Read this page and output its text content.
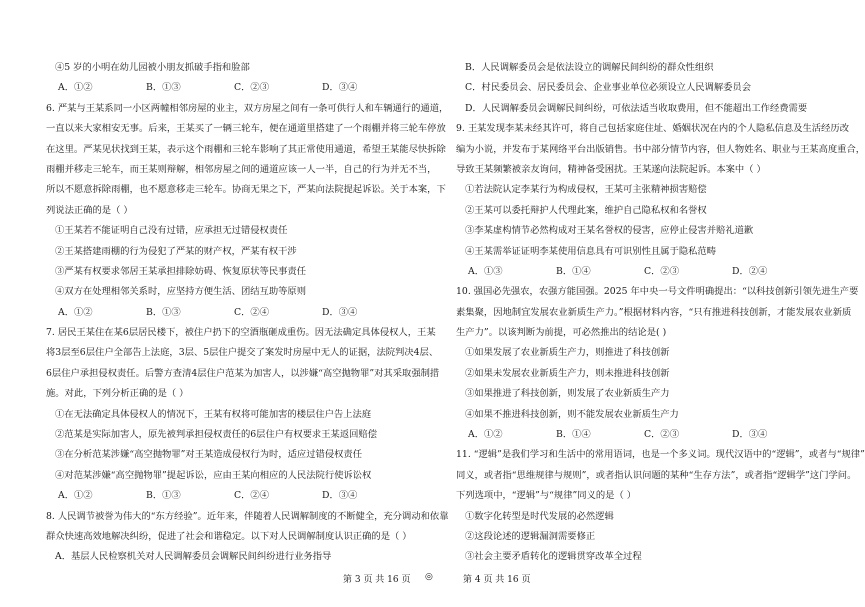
④5 岁的小明在幼儿园被小朋友抓破手指和脸部
A．①②	B．①③	C．②③	D．③④
6. 严某与王某系同一小区两幢相邻房屋的业主，双方房屋之间有一条可供行人和车辆通行的通道，
一直以来大家相安无事。后来，王某买了一辆三轮车，便在通道里搭建了一个雨棚并将三轮车停放
在这里。严某见状找到王某，表示这个雨棚和三轮车影响了其正常使用通道，希望王某能尽快拆除
雨棚并移走三轮车，而王某则辩解，相邻房屋之间的通道应该一人一半，自己的行为并无不当，
所以不愿意拆除雨棚，也不愿意移走三轮车。协商无果之下，严某向法院提起诉讼。关于本案，下
列说法正确的是（ ）
①王某若不能证明自己没有过错，应承担无过错侵权责任
②王某搭建雨棚的行为侵犯了严某的财产权，严某有权干涉
③严某有权要求邻居王某承担排除妨碍、恢复原状等民事责任
④双方在处理相邻关系时，应坚持方便生活、团结互助等原则
A．①②	B．①③	C．②④	D．③④
7. 居民王某住在某6层居民楼下，被住户扔下的空酒瓶砸成重伤。因无法确定具体侵权人，王某
将3层至6层住户全部告上法庭，3层、5层住户提交了案发时房屋中无人的证据，法院判决4层、
6层住户承担侵权责任。后警方查清4层住户范某为加害人，以涉嫌“高空抛物罪”对其采取强制措
施。对此，下列分析正确的是（ ）
①在无法确定具体侵权人的情况下，王某有权将可能加害的楼层住户告上法庭
②范某是实际加害人，原先被判承担侵权责任的6层住户有权要求王某返回赔偿
③在分析范某涉嫌“高空抛物罪”对王某造成侵权行为时，适应过错侵权责任
④对范某涉嫌“高空抛物罪”提起诉讼，应由王某向相应的人民法院行使诉讼权
A．①②	B．①③	C．②④	D．③④
8. 人民调节被誉为伟大的“东方经验”。近年来，伴随着人民调解制度的不断健全，充分调动和依靠
群众快速高效地解决纠纷，促进了社会和谐稳定。以下对人民调解制度认识正确的是（ ）
A．基层人民检察机关对人民调解委员会调解民间纠纷进行业务指导
B．人民调解委员会是依法设立的调解民间纠纷的群众性组织
C．村民委员会、居民委员会、企业事业单位必须设立人民调解委员会
D．人民调解委员会调解民间纠纷，可依法适当收取费用，但不能超出工作经费需要
9. 王某发现李某未经其许可，将自己包括家庭住址、婚姻状况在内的个人隐私信息及生活经历改
编为小说，并发布于某网络平台出版销售。书中部分情节内容，但人物姓名、职业与王某高度重合，
导致王某频繁被亲友询问，精神备受困扰。王某遂向法院起诉。本案中（ ）
①若法院认定李某行为构成侵权，王某可主张精神损害赔偿
②王某可以委托辩护人代理此案，维护自己隐私权和名誉权
③李某虚构情节必然构成对王某名誉权的侵害，应停止侵害并赔礼道歉
④王某需举证证明李某使用信息具有可识别性且属于隐私范畴
A．①③	B．①④	C．②③	D．②④
10. 强国必先强农，农强方能国强。2025 年中央一号文件明确提出：“以科技创新引领先进生产要
素集聚，因地制宜发展农业新质生产力。”根据材料内容，“只有推进科技创新，才能发展农业新质
生产力”。以该判断为前提，可必然推出的结论是( )
①如果发展了农业新质生产力，则推进了科技创新
②如果未发展农业新质生产力，则未推进科技创新
③如果推进了科技创新，则发展了农业新质生产力
④如果不推进科技创新，则不能发展农业新质生产力
A．①②	B．①④	C．②③	D．③④
11. “逻辑”是我们学习和生活中的常用语词，也是一个多义词。现代汉语中的“逻辑”，或者与“规律”
同义，或者指“思维规律与规则”，或者指认识问题的某种“生存方法”，或者指“逻辑学”这门学问。
下列选项中，“逻辑”与“规律”同义的是（ ）
①数字化转型是时代发展的必然逻辑
②这段论述的逻辑漏洞需要修正
③社会主要矛盾转化的逻辑贯穿改革全过程
第 3 页 共 16 页 ◎	第 4 页 共 16 页
